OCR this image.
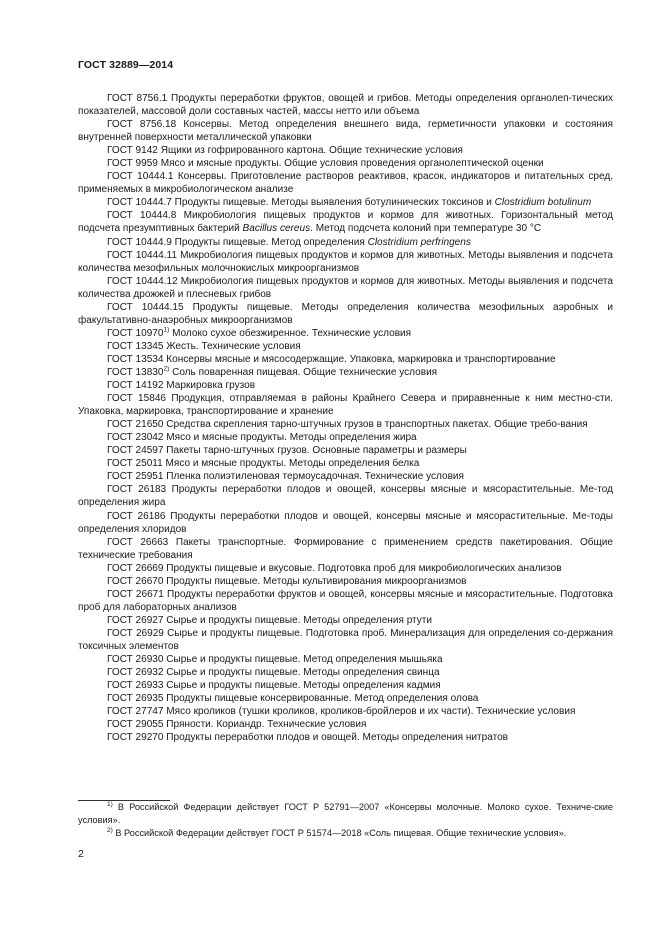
ГОСТ 32889—2014

ГОСТ 8756.1 Продукты переработки фруктов, овощей и грибов. Методы определения органолеп-тических показателей, массовой доли составных частей, массы нетто или объема

ГОСТ 8756.18 Консервы. Метод определения внешнего вида, герметичности упаковки и состояния внутренней поверхности металлической упаковки

ГОСТ 9142 Ящики из гофрированного картона. Общие технические условия

ГОСТ 9959 Мясо и мясные продукты. Общие условия проведения органолептической оценки

ГОСТ 10444.1 Консервы. Приготовление растворов реактивов, красок, индикаторов и питательных сред, применяемых в микробиологическом анализе

ГОСТ 10444.7 Продукты пищевые. Методы выявления ботулинических токсинов и Clostridium botulinum

ГОСТ 10444.8 Микробиология пищевых продуктов и кормов для животных. Горизонтальный метод подсчета презумптивных бактерий Bacillus cereus. Метод подсчета колоний при температуре 30 °С

ГОСТ 10444.9 Продукты пищевые. Метод определения Clostridium perfringens

ГОСТ 10444.11 Микробиология пищевых продуктов и кормов для животных. Методы выявления и подсчета количества мезофильных молочнокислых микроорганизмов

ГОСТ 10444.12 Микробиология пищевых продуктов и кормов для животных. Методы выявления и подсчета количества дрожжей и плесневых грибов

ГОСТ 10444.15 Продукты пищевые. Методы определения количества мезофильных аэробных и факультативно-анаэробных микроорганизмов

ГОСТ 10970$^{1)}$ Молоко сухое обезжиренное. Технические условия

ГОСТ 13345 Жесть. Технические условия

ГОСТ 13534 Консервы мясные и мясосодержащие. Упаковка, маркировка и транспортирование

ГОСТ 13830$^{2)}$ Соль поваренная пищевая. Общие технические условия

ГОСТ 14192 Маркировка грузов

ГОСТ 15846 Продукция, отправляемая в районы Крайнего Севера и приравненные к ним местно-сти. Упаковка, маркировка, транспортирование и хранение

ГОСТ 21650 Средства скрепления тарно-штучных грузов в транспортных пакетах. Общие требо-вания

ГОСТ 23042 Мясо и мясные продукты. Методы определения жира

ГОСТ 24597 Пакеты тарно-штучных грузов. Основные параметры и размеры

ГОСТ 25011 Мясо и мясные продукты. Методы определения белка

ГОСТ 25951 Пленка полиэтиленовая термоусадочная. Технические условия

ГОСТ 26183 Продукты переработки плодов и овощей, консервы мясные и мясорастительные. Ме-тод определения жира

ГОСТ 26186 Продукты переработки плодов и овощей, консервы мясные и мясорастительные. Ме-тоды определения хлоридов

ГОСТ 26663 Пакеты транспортные. Формирование с применением средств пакетирования. Общие технические требования

ГОСТ 26669 Продукты пищевые и вкусовые. Подготовка проб для микробиологических анализов

ГОСТ 26670 Продукты пищевые. Методы культивирования микроорганизмов

ГОСТ 26671 Продукты переработки фруктов и овощей, консервы мясные и мясорастительные. Подготовка проб для лабораторных анализов

ГОСТ 26927 Сырье и продукты пищевые. Методы определения ртути

ГОСТ 26929 Сырье и продукты пищевые. Подготовка проб. Минерализация для определения со-держания токсичных элементов

ГОСТ 26930 Сырье и продукты пищевые. Метод определения мышьяка

ГОСТ 26932 Сырье и продукты пищевые. Методы определения свинца

ГОСТ 26933 Сырье и продукты пищевые. Методы определения кадмия

ГОСТ 26935 Продукты пищевые консервированные. Метод определения олова

ГОСТ 27747 Мясо кроликов (тушки кроликов, кроликов-бройлеров и их части). Технические условия

ГОСТ 29055 Пряности. Кориандр. Технические условия

ГОСТ 29270 Продукты переработки плодов и овощей. Методы определения нитратов

$^{1)}$ В Российской Федерации действует ГОСТ Р 52791—2007 «Консервы молочные. Молоко сухое. Техниче-ские условия».

$^{2)}$ В Российской Федерации действует ГОСТ Р 51574—2018 «Соль пищевая. Общие технические условия».

2
